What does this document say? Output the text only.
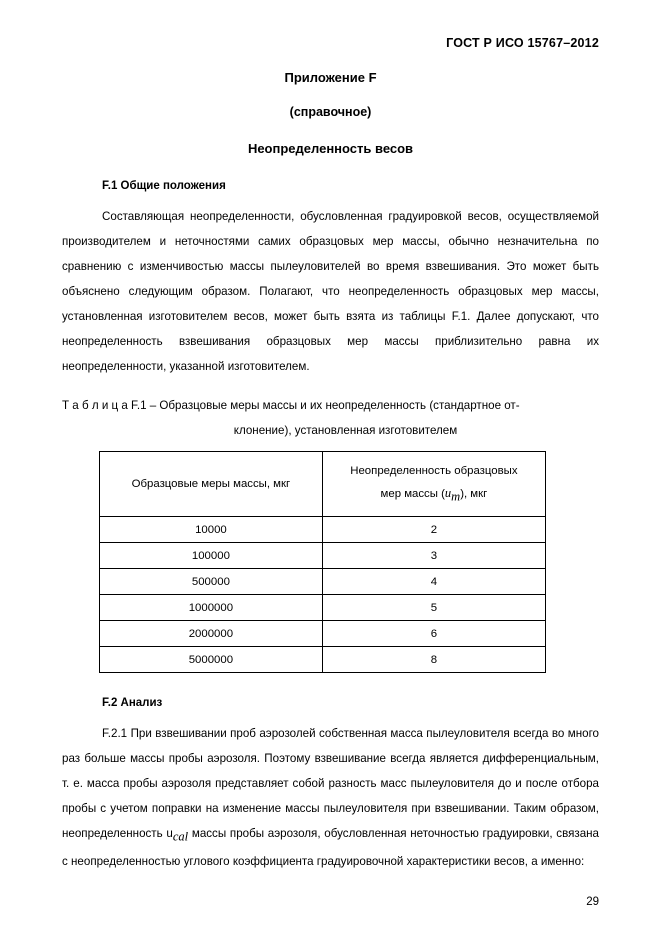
ГОСТ Р ИСО 15767–2012
Приложение F
(справочное)
Неопределенность весов
F.1 Общие положения

Составляющая неопределенности, обусловленная градуировкой весов, осуществляемой производителем и неточностями самих образцовых мер массы, обычно незначительна по сравнению с изменчивостью массы пылеуловителей во время взвешивания. Это может быть объяснено следующим образом. Полагают, что неопределенность образцовых мер массы, установленная изготовителем весов, может быть взята из таблицы F.1. Далее допускают, что неопределенность взвешивания образцовых мер массы приблизительно равна их неопределенности, указанной изготовителем.

Т а б л и ц а F.1 – Образцовые меры массы и их неопределенность (стандартное от-
клонение), установленная изготовителем
Образцовые меры массы, мкг	Неопределенность образцовых
мер массы (um), мкг
10000	2
100000	3
500000	4
1000000	5
2000000	6
5000000	8
F.2 Анализ

F.2.1 При взвешивании проб аэрозолей собственная масса пылеуловителя всегда во много раз больше массы пробы аэрозоля. Поэтому взвешивание всегда является дифференциальным, т. е. масса пробы аэрозоля представляет собой разность масс пылеуловителя до и после отбора пробы с учетом поправки на изменение массы пылеуловителя при взвешивании. Таким образом, неопределенность ucal массы пробы аэрозоля, обусловленная неточностью градуировки, связана с неопределенностью углового коэффициента градуировочной характеристики весов, а именно:

29
